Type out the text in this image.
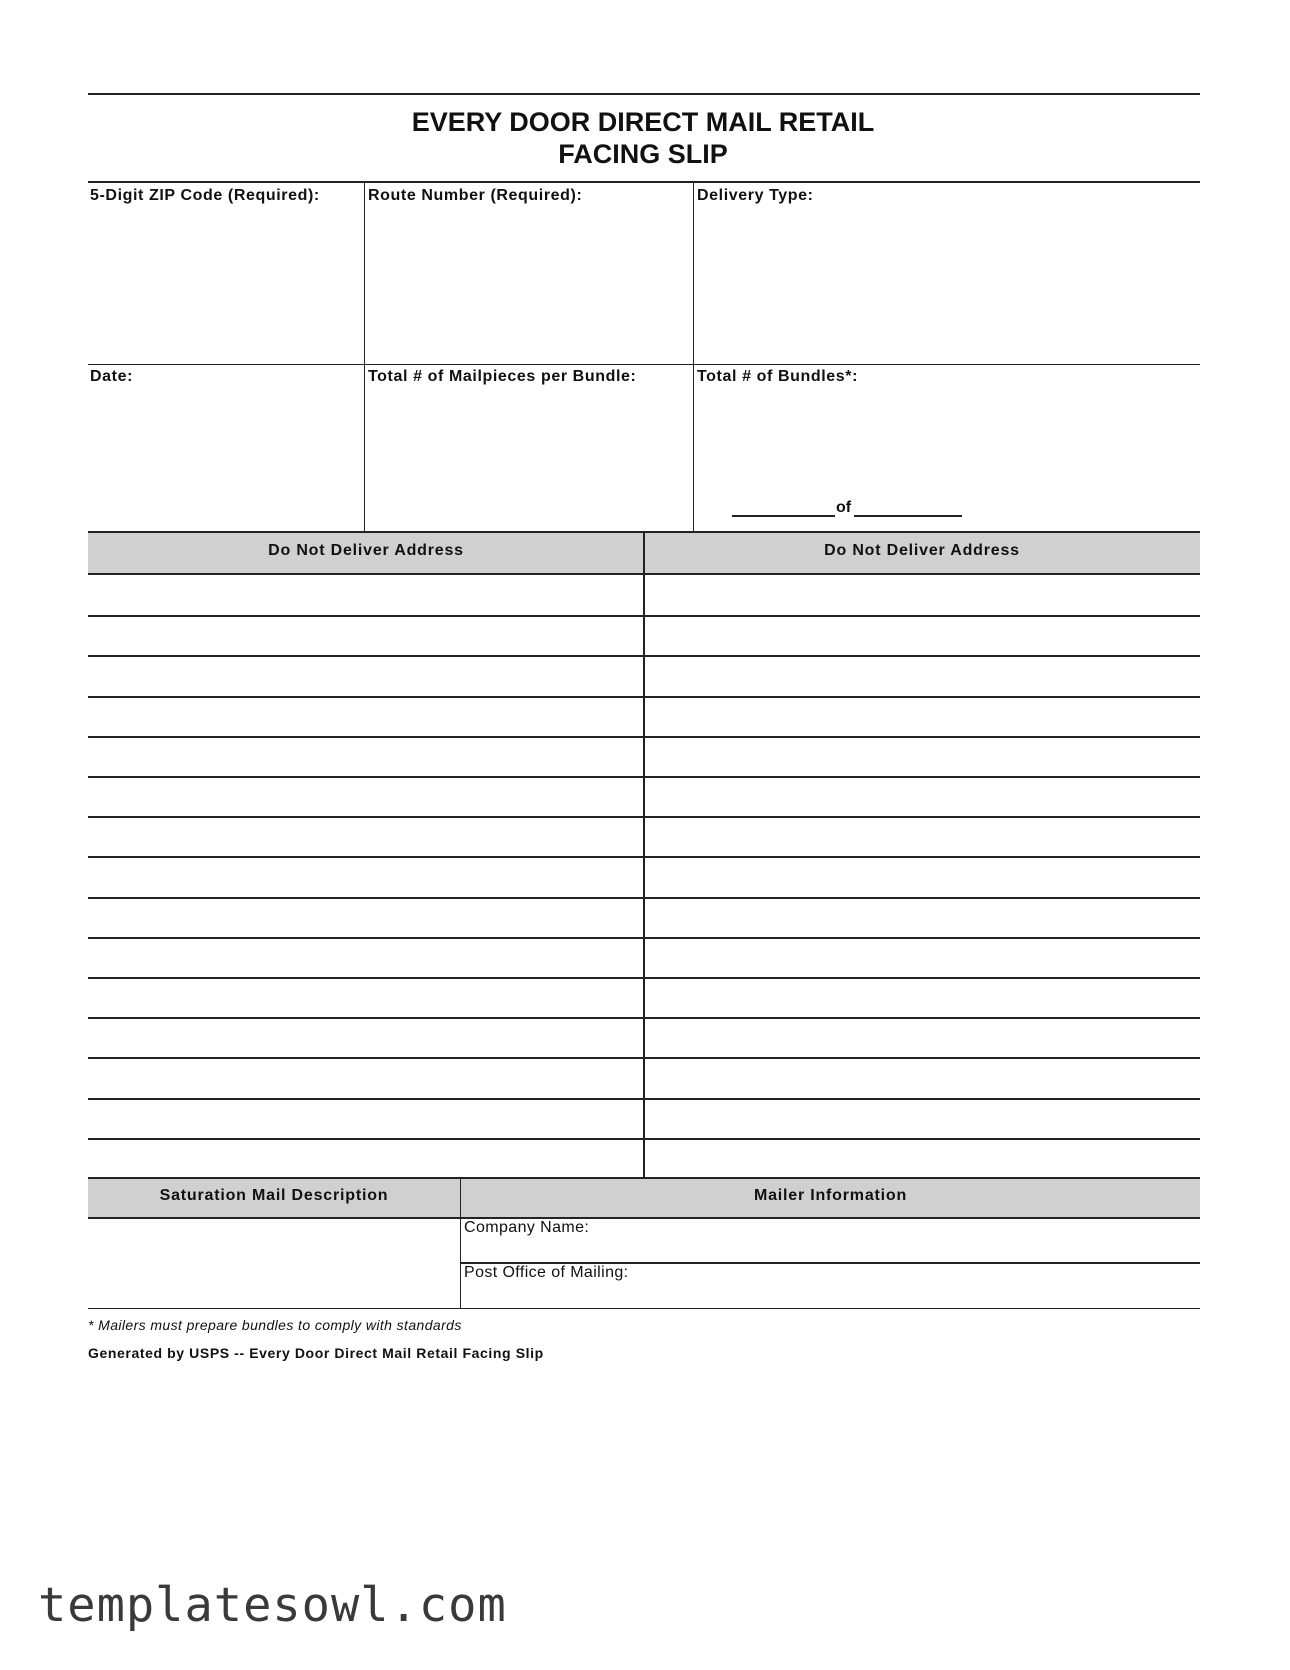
EVERY DOOR DIRECT MAIL RETAIL
FACING SLIP
5-Digit ZIP Code (Required):	Route Number (Required):	Delivery Type:
Date:	Total # of Mailpieces per Bundle:	Total # of Bundles*:
of
Do Not Deliver Address	Do Not Deliver Address
Saturation Mail Description	Mailer Information
Company Name:
Post Office of Mailing:
* Mailers must prepare bundles to comply with standards
Generated by USPS -- Every Door Direct Mail Retail Facing Slip
templatesowl.com
